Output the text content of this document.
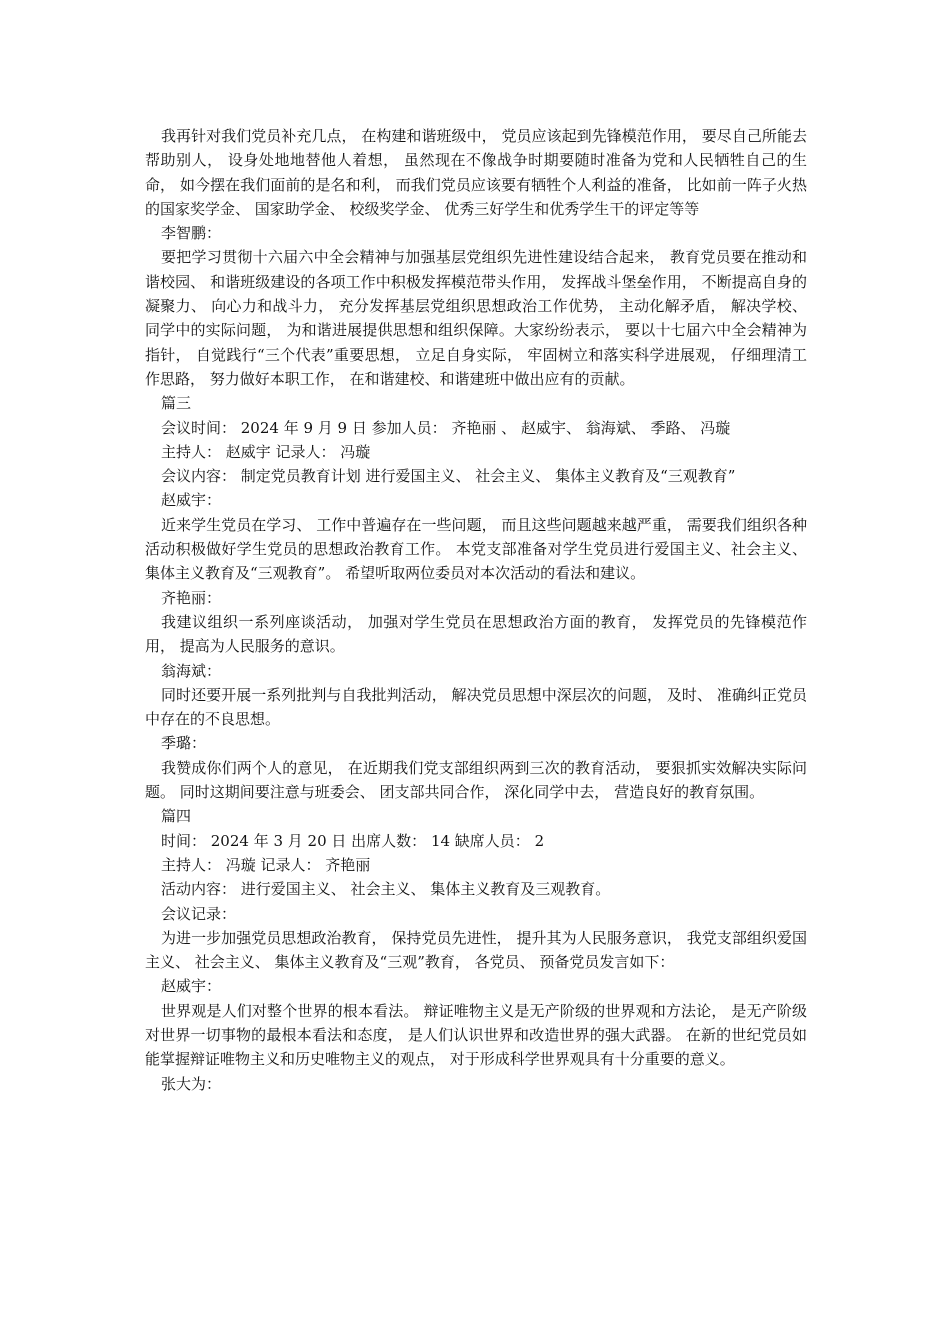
我再针对我们党员补充几点， 在构建和谐班级中， 党员应该起到先锋模范作用， 要尽自己所能去帮助别人， 设身处地地替他人着想， 虽然现在不像战争时期要随时准备为党和人民牺牲自己的生命， 如今摆在我们面前的是名和利， 而我们党员应该要有牺牲个人利益的准备， 比如前一阵子火热的国家奖学金、 国家助学金、 校级奖学金、 优秀三好学生和优秀学生干的评定等等

李智鹏：

要把学习贯彻十六届六中全会精神与加强基层党组织先进性建设结合起来， 教育党员要在推动和谐校园、 和谐班级建设的各项工作中积极发挥模范带头作用， 发挥战斗堡垒作用， 不断提高自身的凝聚力、 向心力和战斗力， 充分发挥基层党组织思想政治工作优势， 主动化解矛盾， 解决学校、 同学中的实际问题， 为和谐进展提供思想和组织保障。大家纷纷表示， 要以十七届六中全会精神为指针， 自觉践行“三个代表”重要思想， 立足自身实际， 牢固树立和落实科学进展观， 仔细理清工作思路， 努力做好本职工作， 在和谐建校、和谐建班中做出应有的贡献。

篇三

会议时间： 2024 年 9 月 9 日 参加人员： 齐艳丽 、 赵威宇、 翁海斌、 季路、 冯璇

主持人： 赵威宇 记录人： 冯璇

会议内容： 制定党员教育计划 进行爱国主义、 社会主义、 集体主义教育及“三观教育”

赵威宇：

近来学生党员在学习、 工作中普遍存在一些问题， 而且这些问题越来越严重， 需要我们组织各种活动积极做好学生党员的思想政治教育工作。 本党支部准备对学生党员进行爱国主义、社会主义、 集体主义教育及“三观教育”。 希望听取两位委员对本次活动的看法和建议。

齐艳丽：

我建议组织一系列座谈活动， 加强对学生党员在思想政治方面的教育， 发挥党员的先锋模范作用， 提高为人民服务的意识。

翁海斌：

同时还要开展一系列批判与自我批判活动， 解决党员思想中深层次的问题， 及时、 准确纠正党员中存在的不良思想。

季璐：

我赞成你们两个人的意见， 在近期我们党支部组织两到三次的教育活动， 要狠抓实效解决实际问题。 同时这期间要注意与班委会、 团支部共同合作， 深化同学中去， 营造良好的教育氛围。

篇四

时间： 2024 年 3 月 20 日 出席人数： 14 缺席人员： 2

主持人： 冯璇 记录人： 齐艳丽

活动内容： 进行爱国主义、 社会主义、 集体主义教育及三观教育。

会议记录：

为进一步加强党员思想政治教育， 保持党员先进性， 提升其为人民服务意识， 我党支部组织爱国主义、 社会主义、 集体主义教育及“三观”教育， 各党员、 预备党员发言如下：

赵威宇：

世界观是人们对整个世界的根本看法。 辩证唯物主义是无产阶级的世界观和方法论， 是无产阶级对世界一切事物的最根本看法和态度， 是人们认识世界和改造世界的强大武器。 在新的世纪党员如能掌握辩证唯物主义和历史唯物主义的观点， 对于形成科学世界观具有十分重要的意义。

张大为：
